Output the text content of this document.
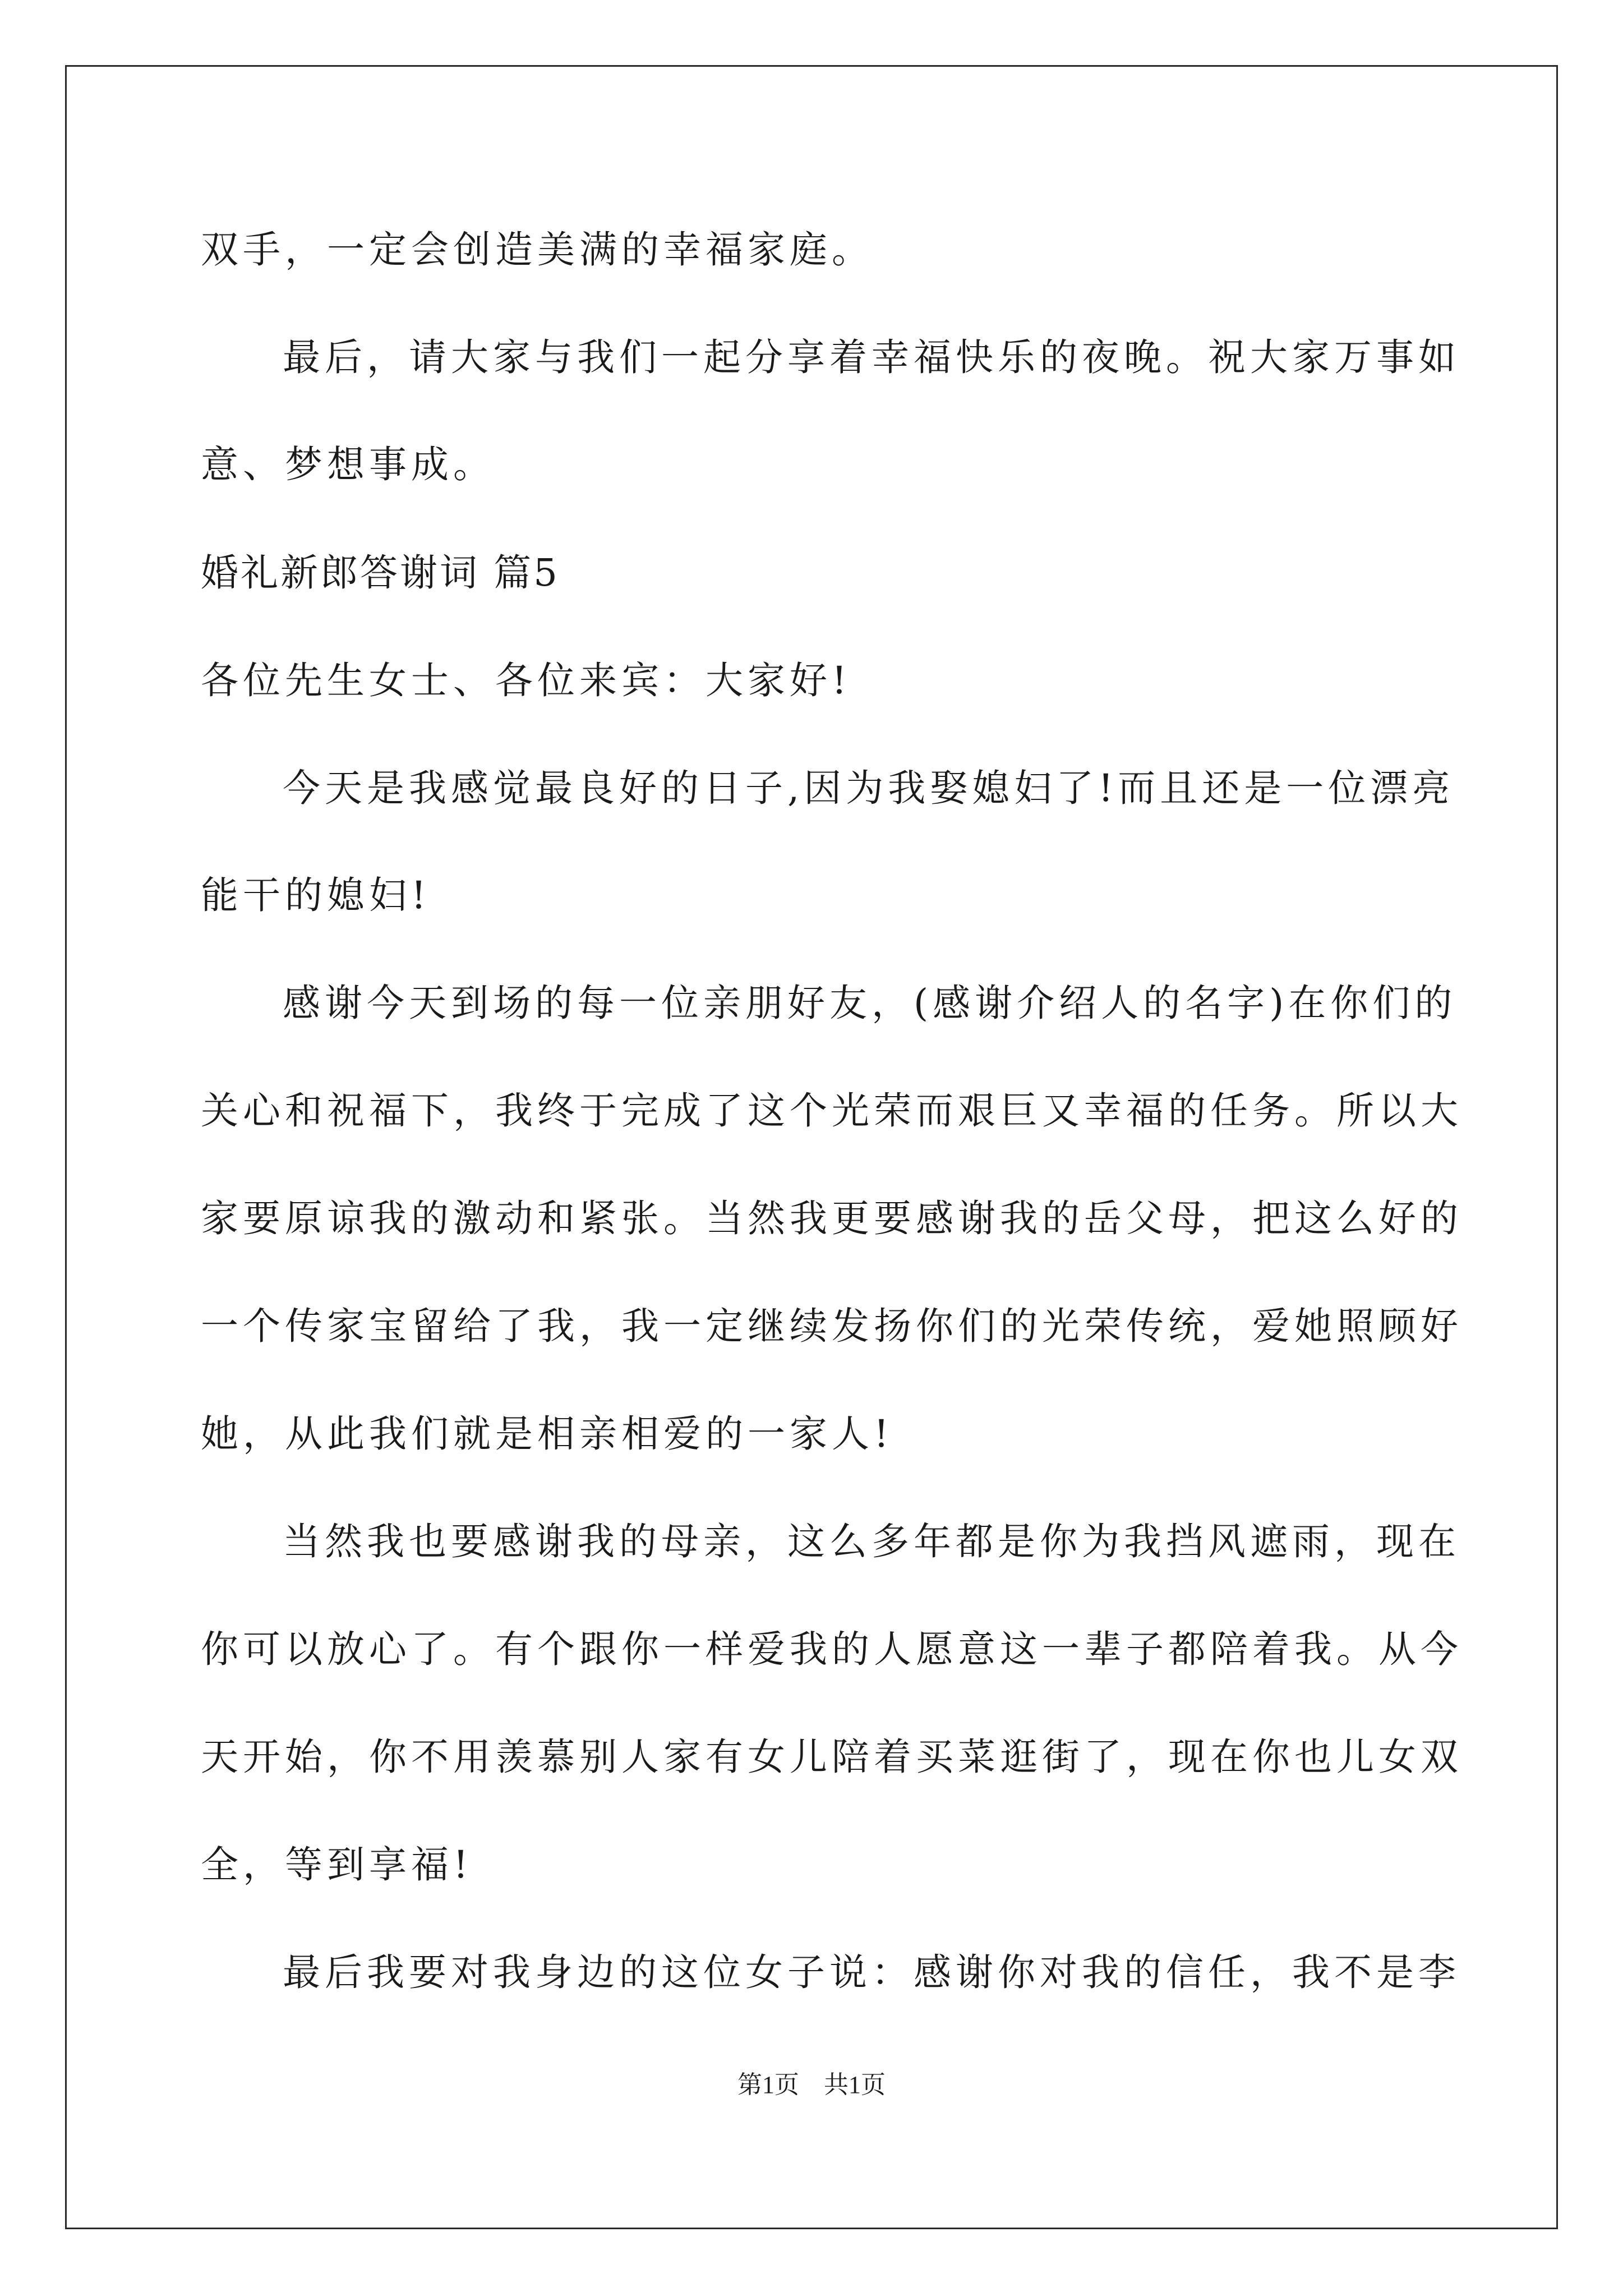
双手，一定会创造美满的幸福家庭。
最后，请大家与我们一起分享着幸福快乐的夜晚。祝大家万事如
意、梦想事成。
婚礼新郎答谢词 篇5
各位先生女士、各位来宾：大家好!
今天是我感觉最良好的日子,因为我娶媳妇了!而且还是一位漂亮
能干的媳妇!
感谢今天到场的每一位亲朋好友，(感谢介绍人的名字)在你们的
关心和祝福下，我终于完成了这个光荣而艰巨又幸福的任务。所以大
家要原谅我的激动和紧张。当然我更要感谢我的岳父母，把这么好的
一个传家宝留给了我，我一定继续发扬你们的光荣传统，爱她照顾好
她，从此我们就是相亲相爱的一家人!
当然我也要感谢我的母亲，这么多年都是你为我挡风遮雨，现在
你可以放心了。有个跟你一样爱我的人愿意这一辈子都陪着我。从今
天开始，你不用羡慕别人家有女儿陪着买菜逛街了，现在你也儿女双
全，等到享福!
最后我要对我身边的这位女子说：感谢你对我的信任，我不是李
第1页　共1页
